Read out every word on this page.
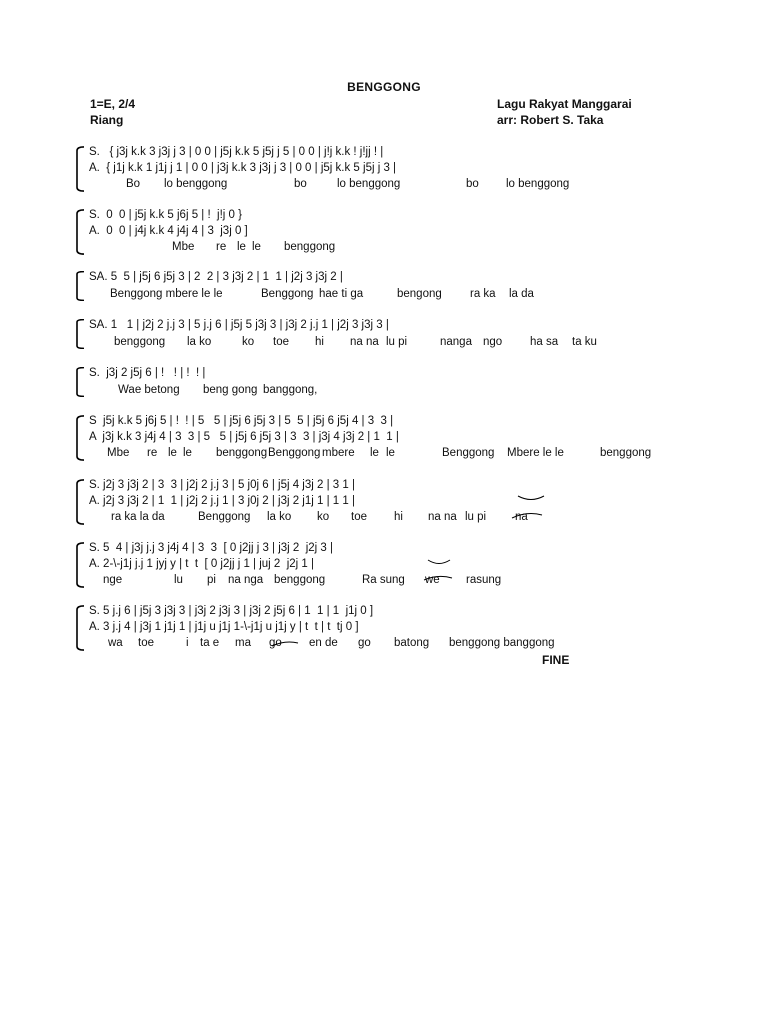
BENGGONG
1=E, 2/4
Riang
Lagu Rakyat Manggarai
arr: Robert S. Taka
S.   { j3j k.k 3 j3j j 3 | 0 0 | j5j k.k 5 j5j j 5 | 0 0 | j!j k.k ! j!jj ! |
A.  { j1j k.k 1 j1j j 1 | 0 0 | j3j k.k 3 j3j j 3 | 0 0 | j5j k.k 5 j5j j 3 |
Bo lo benggong	bo	lo benggong	bo lo benggong
S.  0  0 | j5j k.k 5 j6j 5 | !  j!j 0 }
A.  0  0 | j4j k.k 4 j4j 4 | 3  j3j 0 ]
Mbe re le le benggong
SA. 5  5 | j5j 6 j5j 3 | 2  2 | 3 j3j 2 | 1  1 | j2j 3 j3j 2 |
Benggong mbere le le	Benggong hae ti ga	bengong ra ka la da
SA. 1   1 | j2j 2 j.j 3 | 5 j.j 6 | j5j 5 j3j 3 | j3j 2 j.j 1 | j2j 3 j3j 3 |
benggong la ko	ko toe hi na na lu pi	nanga ngo ha sa ta ku
S.  j3j 2 j5j 6 | !   ! | !  ! |
Wae betong beng gong banggong,
S  j5j k.k 5 j6j 5 | !  ! | 5   5 | j5j 6 j5j 3 | 5  5 | j5j 6 j5j 4 | 3  3 |
A  j3j k.k 3 j4j 4 | 3  3 | 5   5 | j5j 6 j5j 3 | 3  3 | j3j 4 j3j 2 | 1  1 |
Mbe re le le benggong Benggong mbere le le	Benggong Mbere le le	benggong
S. j2j 3 j3j 2 | 3  3 | j2j 2 j.j 3 | 5 j0j 6 | j5j 4 j3j 2 | 3 1 |
A. j2j 3 j3j 2 | 1  1 | j2j 2 j.j 1 | 3 j0j 2 | j3j 2 j1j 1 | 1 1 |
ra ka la da	Benggong la ko ko toe hi na na lu pi	na
S. 5  4 | j3j j.j 3 j4j 4 | 3  3  [ 0 j2jj j 3 | j3j 2  j2j 3 |
A. 2-\-j1j j.j 1 jyj y | t  t  [ 0 j2jj j 1 | juj 2  j2j 1 |
nge	lu pi na nga benggong	Ra sung we rasung
S. 5 j.j 6 | j5j 3 j3j 3 | j3j 2 j3j 3 | j3j 2 j5j 6 | 1  1 | 1  j1j 0 ]
A. 3 j.j 4 | j3j 1 j1j 1 | j1j u j1j 1-\-j1j u j1j y | t  t | t  tj 0 ]
wa toe	i ta e ma go en de go batong benggong banggong
FINE
